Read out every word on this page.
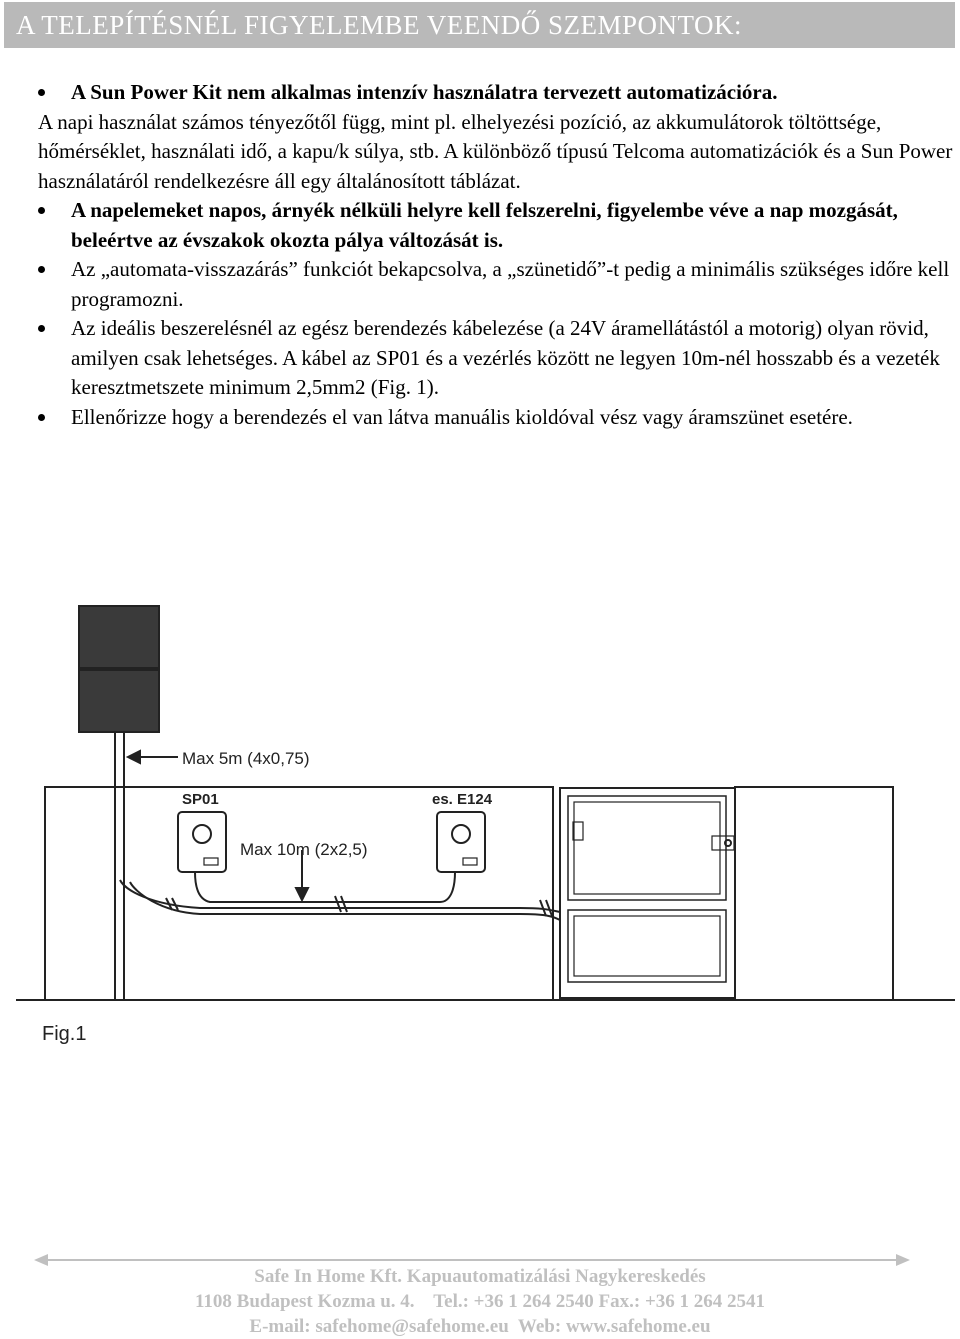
A TELEPÍTÉSNÉL FIGYELEMBE VEENDŐ SZEMPONTOK:
A Sun Power Kit nem alkalmas intenzív használatra tervezett automatizációra.
A napi használat számos tényezőtől függ, mint pl. elhelyezési pozíció, az akkumulátorok töltöttsége, hőmérséklet, használati idő, a kapu/k súlya, stb. A különböző típusú Telcoma automatizációk és a Sun Power használatáról rendelkezésre áll egy általánosított táblázat.
A napelemeket napos, árnyék nélküli helyre kell felszerelni, figyelembe véve a nap mozgását, beleértve az évszakok okozta pálya változását is.
Az „automata-visszazárás” funkciót bekapcsolva, a „szünetidő”-t pedig a minimális szükséges időre kell programozni.
Az ideális beszerelésnél az egész berendezés kábelezése (a 24V áramellátástól a motorig) olyan rövid, amilyen csak lehetséges. A kábel az SP01 és a vezérlés között ne legyen 10m-nél hosszabb és a vezeték keresztmetszete minimum 2,5mm2 (Fig. 1).
Ellenőrizze hogy a berendezés el van látva manuális kioldóval vész vagy áramszünet esetére.
Max 5m (4x0,75)
SP01	es. E124
Max 10m (2x2,5)
Fig.1
Safe In Home Kft. Kapuautomatizálási Nagykereskedés
1108 Budapest Kozma u. 4.    Tel.: +36 1 264 2540 Fax.: +36 1 264 2541
E-mail: safehome@safehome.eu  Web: www.safehome.eu
